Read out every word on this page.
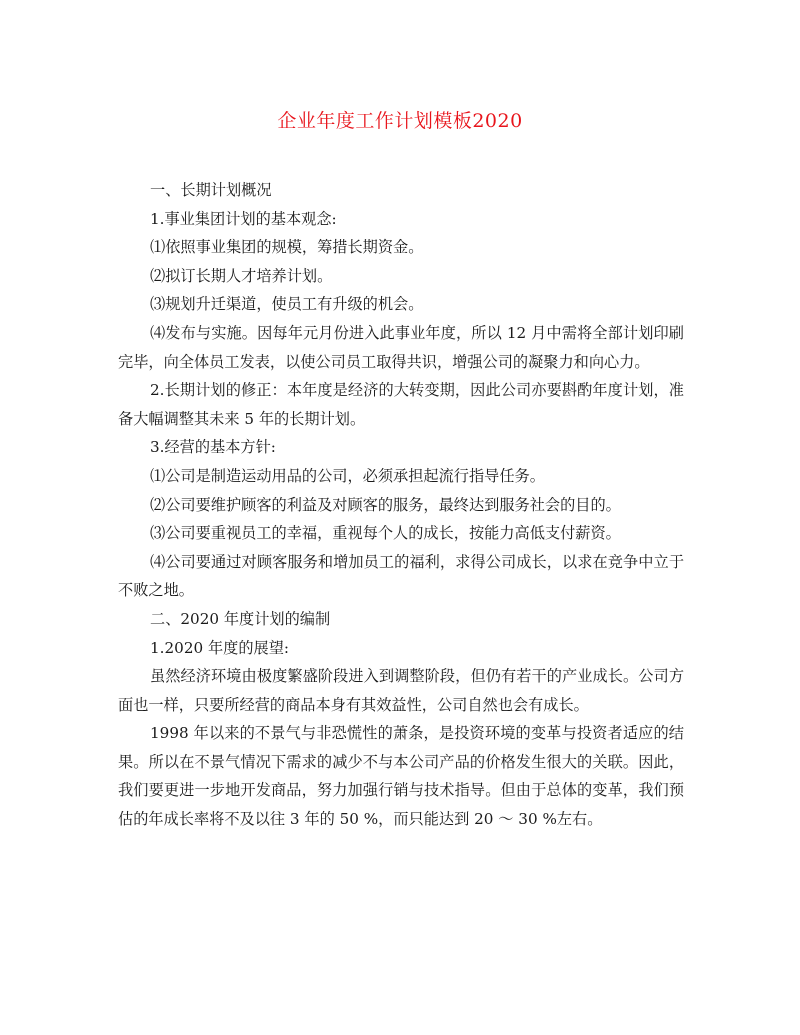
企业年度工作计划模板2020

一、长期计划概况

1.事业集团计划的基本观念:

⑴依照事业集团的规模，筹措长期资金。

⑵拟订长期人才培养计划。

⑶规划升迁渠道，使员工有升级的机会。

⑷发布与实施。因每年元月份进入此事业年度，所以 12 月中需将全部计划印刷完毕，向全体员工发表，以使公司员工取得共识，增强公司的凝聚力和向心力。

2.长期计划的修正：本年度是经济的大转变期，因此公司亦要斟酌年度计划，准备大幅调整其未来 5 年的长期计划。

3.经营的基本方针:

⑴公司是制造运动用品的公司，必须承担起流行指导任务。

⑵公司要维护顾客的利益及对顾客的服务，最终达到服务社会的目的。

⑶公司要重视员工的幸福，重视每个人的成长，按能力高低支付薪资。

⑷公司要通过对顾客服务和增加员工的福利，求得公司成长，以求在竞争中立于不败之地。

二、2020 年度计划的编制

1.2020 年度的展望:

虽然经济环境由极度繁盛阶段进入到调整阶段，但仍有若干的产业成长。公司方面也一样，只要所经营的商品本身有其效益性，公司自然也会有成长。

1998 年以来的不景气与非恐慌性的萧条，是投资环境的变革与投资者适应的结果。所以在不景气情况下需求的减少不与本公司产品的价格发生很大的关联。因此，我们要更进一步地开发商品，努力加强行销与技术指导。但由于总体的变革，我们预估的年成长率将不及以往 3 年的 50 %，而只能达到 20 ～ 30 %左右。
